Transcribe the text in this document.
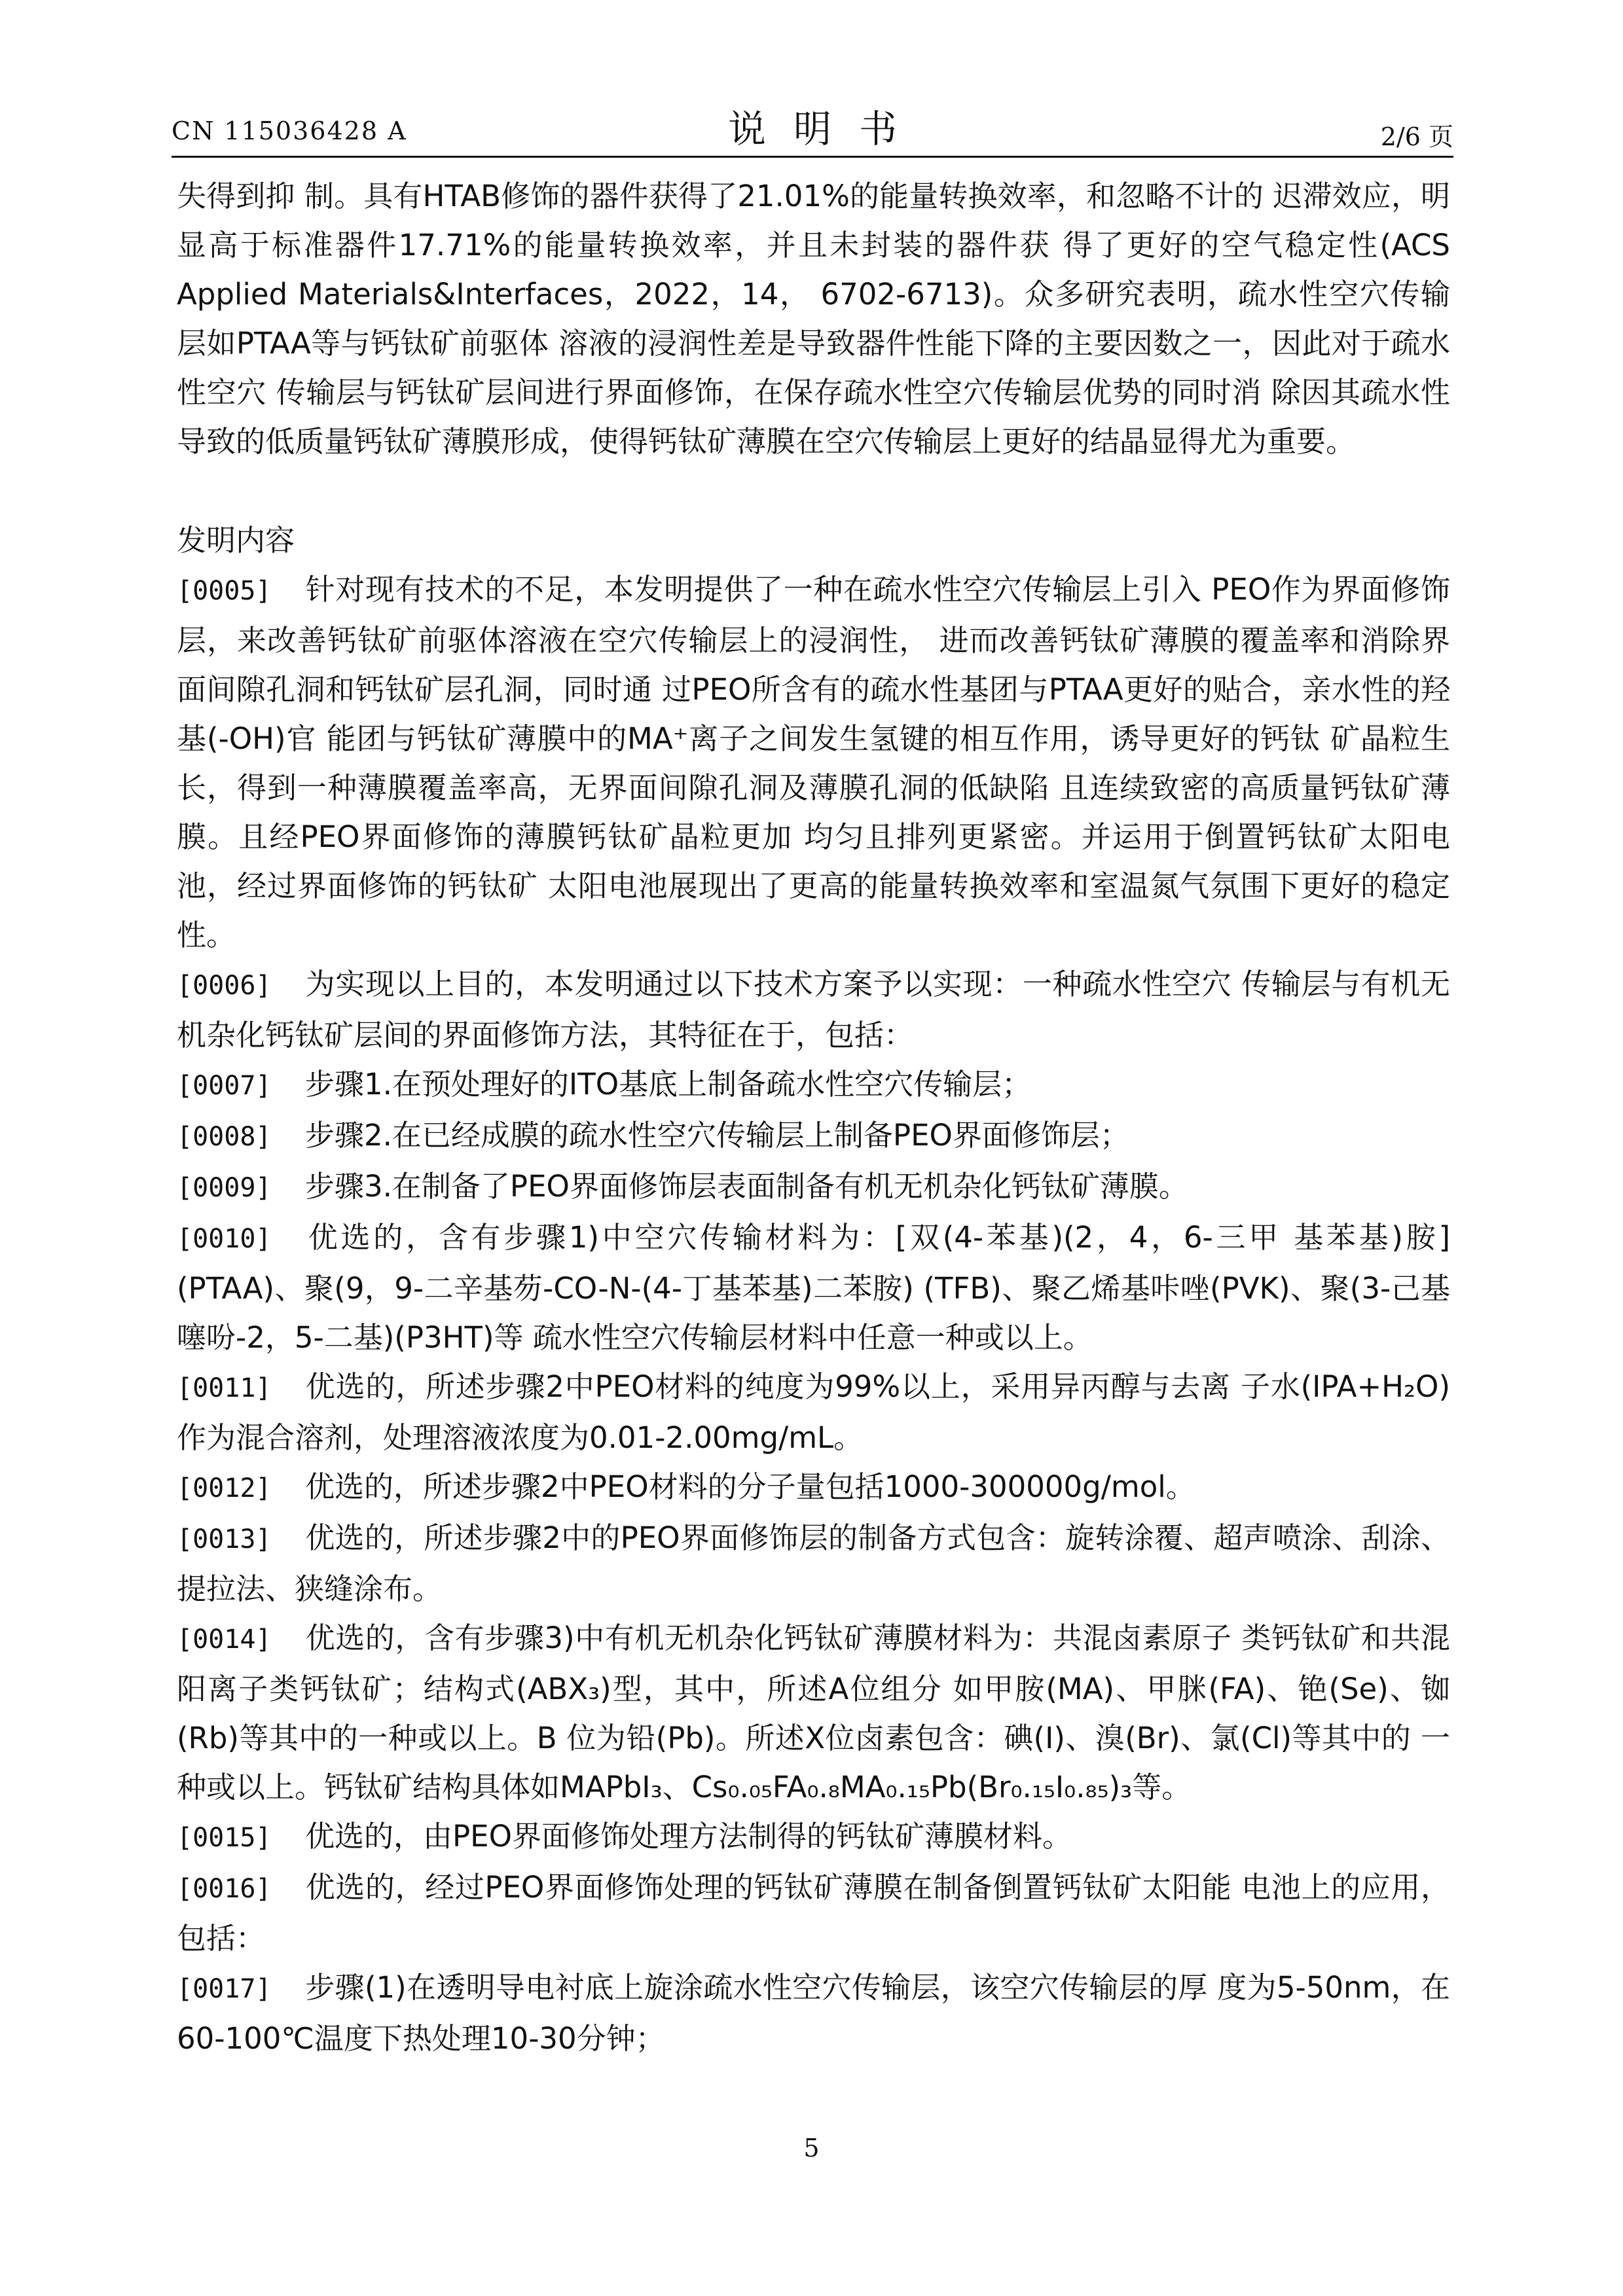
CN 115036428 A	说明书	2/6 页

失得到抑 制。具有HTAB修饰的器件获得了21.01%的能量转换效率，和忽略不计的 迟滞效应，明显高于标准器件17.71%的能量转换效率，并且未封装的器件获 得了更好的空气稳定性(ACS Applied Materials&Interfaces，2022，14， 6702-6713)。众多研究表明，疏水性空穴传输层如PTAA等与钙钛矿前驱体 溶液的浸润性差是导致器件性能下降的主要因数之一，因此对于疏水性空穴 传输层与钙钛矿层间进行界面修饰，在保存疏水性空穴传输层优势的同时消 除因其疏水性导致的低质量钙钛矿薄膜形成，使得钙钛矿薄膜在空穴传输层上更好的结晶显得尤为重要。

发明内容

[0005] 针对现有技术的不足，本发明提供了一种在疏水性空穴传输层上引入 PEO作为界面修饰层，来改善钙钛矿前驱体溶液在空穴传输层上的浸润性， 进而改善钙钛矿薄膜的覆盖率和消除界面间隙孔洞和钙钛矿层孔洞，同时通 过PEO所含有的疏水性基团与PTAA更好的贴合，亲水性的羟基(-OH)官 能团与钙钛矿薄膜中的MA⁺离子之间发生氢键的相互作用，诱导更好的钙钛 矿晶粒生长，得到一种薄膜覆盖率高，无界面间隙孔洞及薄膜孔洞的低缺陷 且连续致密的高质量钙钛矿薄膜。且经PEO界面修饰的薄膜钙钛矿晶粒更加 均匀且排列更紧密。并运用于倒置钙钛矿太阳电池，经过界面修饰的钙钛矿 太阳电池展现出了更高的能量转换效率和室温氮气氛围下更好的稳定性。

[0006] 为实现以上目的，本发明通过以下技术方案予以实现：一种疏水性空穴 传输层与有机无机杂化钙钛矿层间的界面修饰方法，其特征在于，包括：

[0007] 步骤1.在预处理好的ITO基底上制备疏水性空穴传输层；

[0008] 步骤2.在已经成膜的疏水性空穴传输层上制备PEO界面修饰层；

[0009] 步骤3.在制备了PEO界面修饰层表面制备有机无机杂化钙钛矿薄膜。

[0010] 优选的，含有步骤1)中空穴传输材料为：[双(4-苯基)(2，4，6-三甲 基苯基)胺](PTAA)、聚(9，9-二辛基芴-CO-N-(4-丁基苯基)二苯胺) (TFB)、聚乙烯基咔唑(PVK)、聚(3-己基噻吩-2，5-二基)(P3HT)等 疏水性空穴传输层材料中任意一种或以上。

[0011] 优选的，所述步骤2中PEO材料的纯度为99%以上，采用异丙醇与去离 子水(IPA+H₂O)作为混合溶剂，处理溶液浓度为0.01-2.00mg/mL。

[0012] 优选的，所述步骤2中PEO材料的分子量包括1000-300000g/mol。

[0013] 优选的，所述步骤2中的PEO界面修饰层的制备方式包含：旋转涂覆、超声喷涂、刮涂、提拉法、狭缝涂布。

[0014] 优选的，含有步骤3)中有机无机杂化钙钛矿薄膜材料为：共混卤素原子 类钙钛矿和共混阳离子类钙钛矿；结构式(ABX₃)型，其中，所述A位组分 如甲胺(MA)、甲脒(FA)、铯(Se)、铷(Rb)等其中的一种或以上。B 位为铅(Pb)。所述X位卤素包含：碘(I)、溴(Br)、氯(Cl)等其中的 一种或以上。钙钛矿结构具体如MAPbI₃、Cs₀.₀₅FA₀.₈MA₀.₁₅Pb(Br₀.₁₅I₀.₈₅)₃等。

[0015] 优选的，由PEO界面修饰处理方法制得的钙钛矿薄膜材料。

[0016] 优选的，经过PEO界面修饰处理的钙钛矿薄膜在制备倒置钙钛矿太阳能 电池上的应用，包括：

[0017] 步骤(1)在透明导电衬底上旋涂疏水性空穴传输层，该空穴传输层的厚 度为5-50nm，在60-100℃温度下热处理10-30分钟；

5
